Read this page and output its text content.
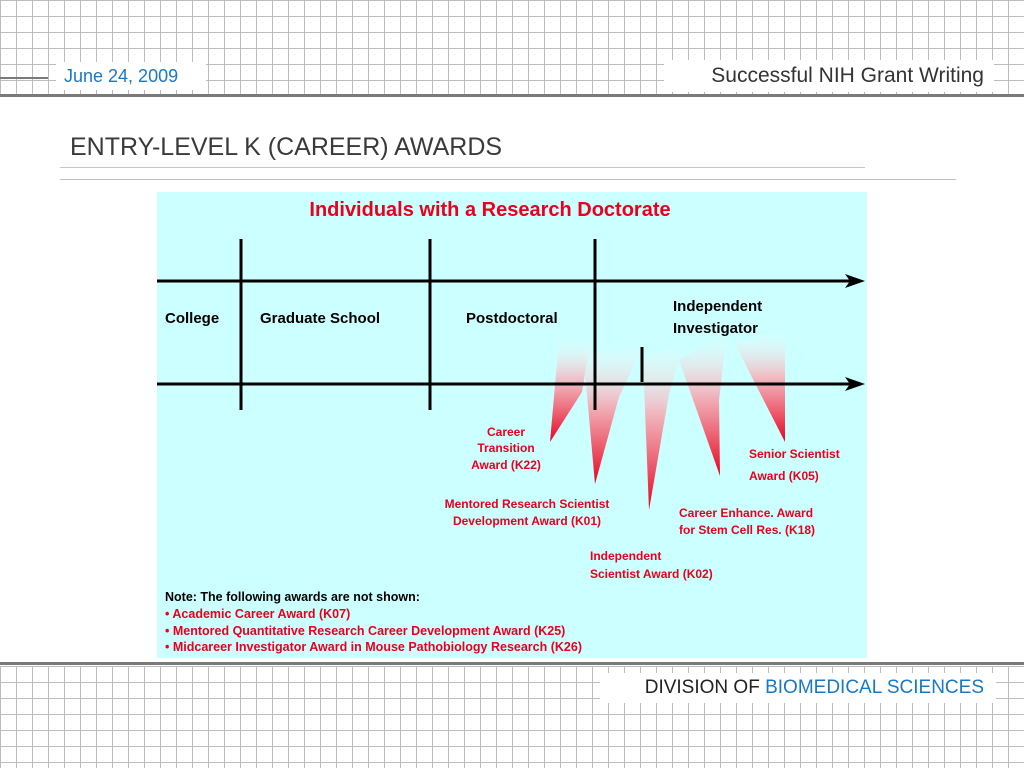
June 24, 2009	Successful NIH Grant Writing
ENTRY-LEVEL K (CAREER) AWARDS
Individuals with a Research Doctorate
College	Graduate School	Postdoctoral
Independent
Investigator
Career
Transition
Award (K22)
Mentored Research Scientist
Development Award (K01)
Independent
Scientist Award (K02)
Career Enhance. Award
for Stem Cell Res. (K18)
Senior Scientist
Award (K05)
Note: The following awards are not shown:
• Academic Career Award (K07)
• Mentored Quantitative Research Career Development Award (K25)
• Midcareer Investigator Award in Mouse Pathobiology Research (K26)
DIVISION OF BIOMEDICAL SCIENCES
